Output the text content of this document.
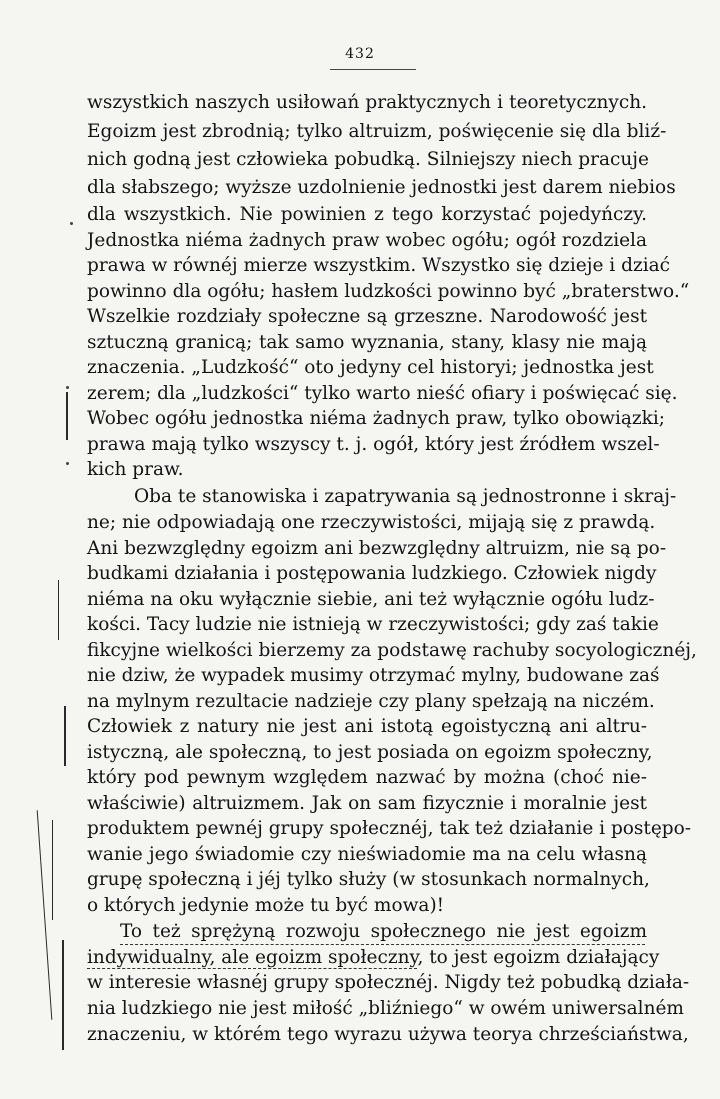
432
wszystkich naszych usiłowań praktycznych i teoretycznych.
Egoizm jest zbrodnią; tylko altruizm, poświęcenie się dla bliź-
nich godną jest człowieka pobudką. Silniejszy niech pracuje
dla słabszego; wyższe uzdolnienie jednostki jest darem niebios
dla wszystkich. Nie powinien z tego korzystać pojedyńczy.
Jednostka niéma żadnych praw wobec ogółu; ogół rozdziela
prawa w równéj mierze wszystkim. Wszystko się dzieje i dziać
powinno dla ogółu; hasłem ludzkości powinno być „braterstwo.“
Wszelkie rozdziały społeczne są grzeszne. Narodowość jest
sztuczną granicą; tak samo wyznania, stany, klasy nie mają
znaczenia. „Ludzkość“ oto jedyny cel historyi; jednostka jest
zerem; dla „ludzkości“ tylko warto nieść ofiary i poświęcać się.
Wobec ogółu jednostka niéma żadnych praw, tylko obowiązki;
prawa mają tylko wszyscy t. j. ogół, który jest źródłem wszel-
kich praw.
Oba te stanowiska i zapatrywania są jednostronne i skraj-
ne; nie odpowiadają one rzeczywistości, mijają się z prawdą.
Ani bezwzględny egoizm ani bezwzględny altruizm, nie są po-
budkami działania i postępowania ludzkiego. Człowiek nigdy
niéma na oku wyłącznie siebie, ani też wyłącznie ogółu ludz-
kości. Tacy ludzie nie istnieją w rzeczywistości; gdy zaś takie
fikcyjne wielkości bierzemy za podstawę rachuby socyologicznéj,
nie dziw, że wypadek musimy otrzymać mylny, budowane zaś
na mylnym rezultacie nadzieje czy plany spełzają na niczém.
Człowiek z natury nie jest ani istotą egoistyczną ani altru-
istyczną, ale społeczną, to jest posiada on egoizm społeczny,
który pod pewnym względem nazwać by można (choć nie-
właściwie) altruizmem. Jak on sam fizycznie i moralnie jest
produktem pewnéj grupy społecznéj, tak też działanie i postępo-
wanie jego świadomie czy nieświadomie ma na celu własną
grupę społeczną i jéj tylko służy (w stosunkach normalnych,
o których jedynie może tu być mowa)!
To też sprężyną rozwoju społecznego nie jest egoizm
indywidualny, ale egoizm społeczny, to jest egoizm działający
w interesie własnéj grupy społecznéj. Nigdy też pobudką działa-
nia ludzkiego nie jest miłość „bliźniego“ w owém uniwersalném
znaczeniu, w którém tego wyrazu używa teorya chrześciaństwa,
